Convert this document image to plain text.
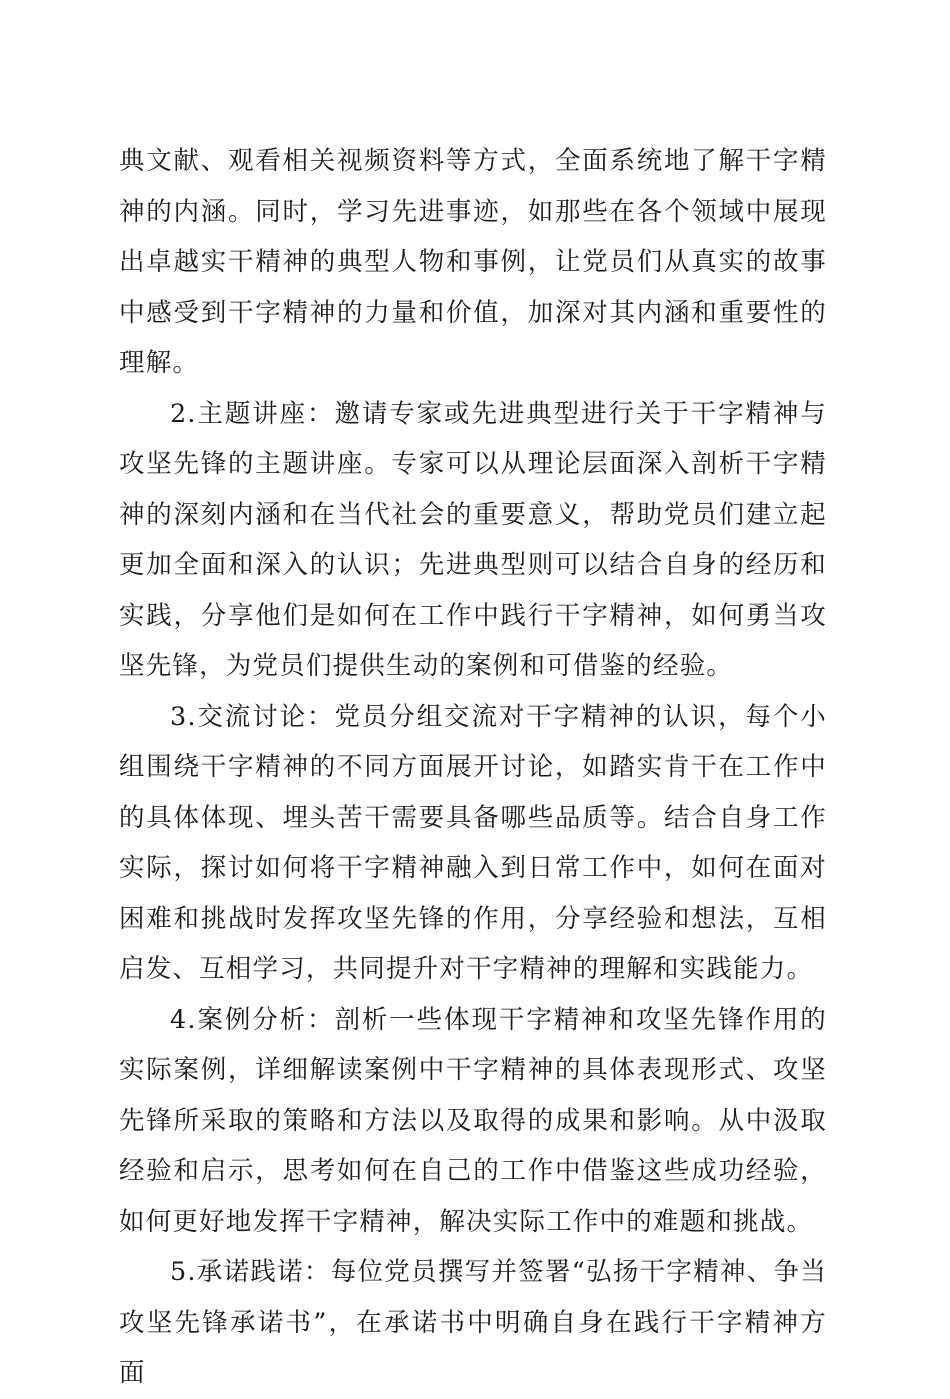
典文献、观看相关视频资料等方式，全面系统地了解干字精神的内涵。同时，学习先进事迹，如那些在各个领域中展现出卓越实干精神的典型人物和事例，让党员们从真实的故事中感受到干字精神的力量和价值，加深对其内涵和重要性的理解。

2.主题讲座：邀请专家或先进典型进行关于干字精神与攻坚先锋的主题讲座。专家可以从理论层面深入剖析干字精神的深刻内涵和在当代社会的重要意义，帮助党员们建立起更加全面和深入的认识；先进典型则可以结合自身的经历和实践，分享他们是如何在工作中践行干字精神，如何勇当攻坚先锋，为党员们提供生动的案例和可借鉴的经验。

3.交流讨论：党员分组交流对干字精神的认识，每个小组围绕干字精神的不同方面展开讨论，如踏实肯干在工作中的具体体现、埋头苦干需要具备哪些品质等。结合自身工作实际，探讨如何将干字精神融入到日常工作中，如何在面对困难和挑战时发挥攻坚先锋的作用，分享经验和想法，互相启发、互相学习，共同提升对干字精神的理解和实践能力。

4.案例分析：剖析一些体现干字精神和攻坚先锋作用的实际案例，详细解读案例中干字精神的具体表现形式、攻坚先锋所采取的策略和方法以及取得的成果和影响。从中汲取经验和启示，思考如何在自己的工作中借鉴这些成功经验，如何更好地发挥干字精神，解决实际工作中的难题和挑战。

5.承诺践诺：每位党员撰写并签署“弘扬干字精神、争当攻坚先锋承诺书”，在承诺书中明确自身在践行干字精神方面
